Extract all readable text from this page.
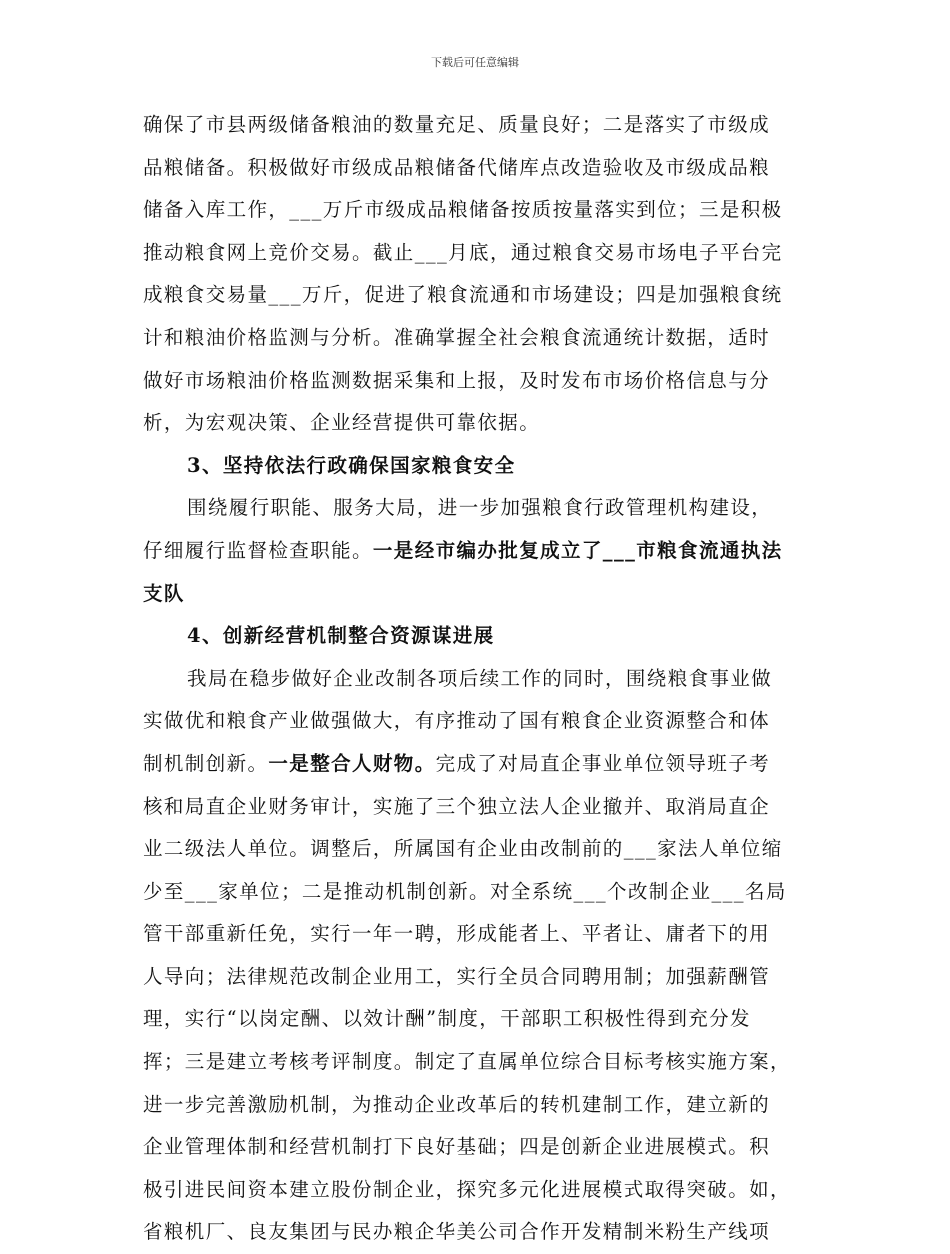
下载后可任意编辑
确保了市县两级储备粮油的数量充足、质量良好；二是落实了市级成
品粮储备。积极做好市级成品粮储备代储库点改造验收及市级成品粮
储备入库工作，___万斤市级成品粮储备按质按量落实到位；三是积极
推动粮食网上竞价交易。截止___月底，通过粮食交易市场电子平台完
成粮食交易量___万斤，促进了粮食流通和市场建设；四是加强粮食统
计和粮油价格监测与分析。准确掌握全社会粮食流通统计数据，适时
做好市场粮油价格监测数据采集和上报，及时发布市场价格信息与分
析，为宏观决策、企业经营提供可靠依据。
3、坚持依法行政确保国家粮食安全
围绕履行职能、服务大局，进一步加强粮食行政管理机构建设，
仔细履行监督检查职能。一是经市编办批复成立了___市粮食流通执法
支队
4、创新经营机制整合资源谋进展
我局在稳步做好企业改制各项后续工作的同时，围绕粮食事业做
实做优和粮食产业做强做大，有序推动了国有粮食企业资源整合和体
制机制创新。一是整合人财物。完成了对局直企事业单位领导班子考
核和局直企业财务审计，实施了三个独立法人企业撤并、取消局直企
业二级法人单位。调整后，所属国有企业由改制前的___家法人单位缩
少至___家单位；二是推动机制创新。对全系统___个改制企业___名局
管干部重新任免，实行一年一聘，形成能者上、平者让、庸者下的用
人导向；法律规范改制企业用工，实行全员合同聘用制；加强薪酬管
理，实行“以岗定酬、以效计酬”制度，干部职工积极性得到充分发
挥；三是建立考核考评制度。制定了直属单位综合目标考核实施方案，
进一步完善激励机制，为推动企业改革后的转机建制工作，建立新的
企业管理体制和经营机制打下良好基础；四是创新企业进展模式。积
极引进民间资本建立股份制企业，探究多元化进展模式取得突破。如，
省粮机厂、良友集团与民办粮企华美公司合作开发精制米粉生产线项
